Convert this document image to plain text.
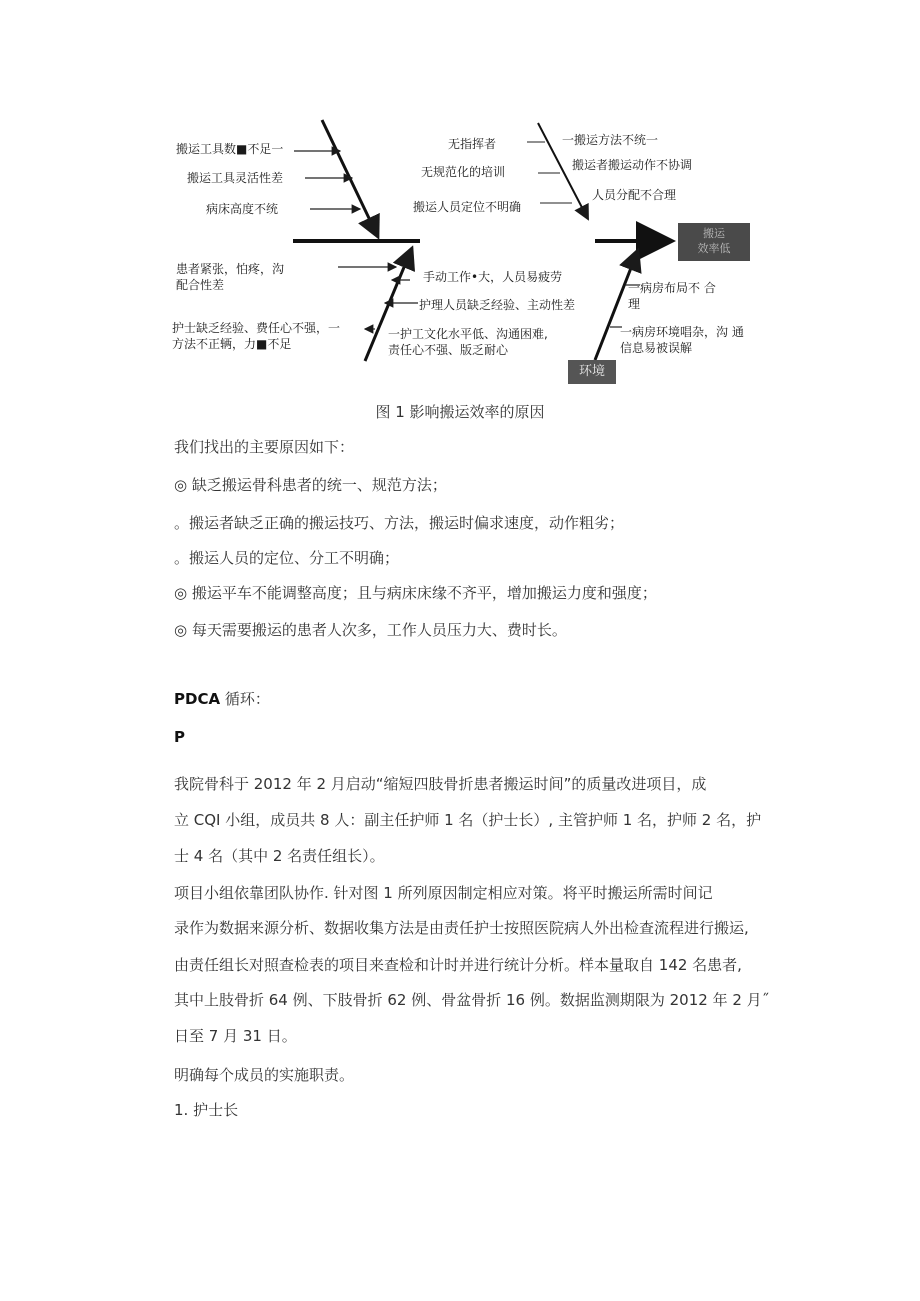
搬运
效率低
环境
搬运工具数■不足一
搬运工具灵活性差
病床高度不统
无指挥者
无规范化的培训
搬运人员定位不明确
一搬运方法不统一
搬运者搬运动作不协调
人员分配不合理
患者紧张，怕疼，沟
配合性差
手动工作•大，人员易疲劳
护理人员缺乏经验、主动性差
护士缺乏经验、费任心不强，一
方法不正辆，力■不足
一护工文化水平低、沟通困难,
责任心不强、版乏耐心
一病房布局不 合
理
一病房环境唱杂，沟 通
信息易被误解
图 1 影响搬运效率的原因
我们找出的主要原因如下：
◎ 缺乏搬运骨科患者的统一、规范方法；
。搬运者缺乏正确的搬运技巧、方法，搬运时偏求速度，动作粗劣；
。搬运人员的定位、分工不明确；
◎ 搬运平车不能调整高度；且与病床床缘不齐平，增加搬运力度和强度；
◎ 每天需要搬运的患者人次多，工作人员压力大、费时长。
PDCA 循环：
P
我院骨科于 2012 年 2 月启动“缩短四肢骨折患者搬运时间”的质量改进项目，成
立 CQI 小组，成员共 8 人：副主任护师 1 名（护士长）, 主管护师 1 名，护师 2 名，护
士 4 名（其中 2 名责任组长）。
项目小组依靠团队协作. 针对图 1 所列原因制定相应对策。将平时搬运所需时间记
录作为数据来源分析、数据收集方法是由责任护士按照医院病人外出检查流程进行搬运,
由责任组长对照查检表的项目来查检和计时并进行统计分析。样本量取自 142 名患者,
其中上肢骨折 64 例、下肢骨折 62 例、骨盆骨折 16 例。数据监测期限为 2012 年 2 月˝
日至 7 月 31 日。
明确每个成员的实施职责。
1. 护士长
